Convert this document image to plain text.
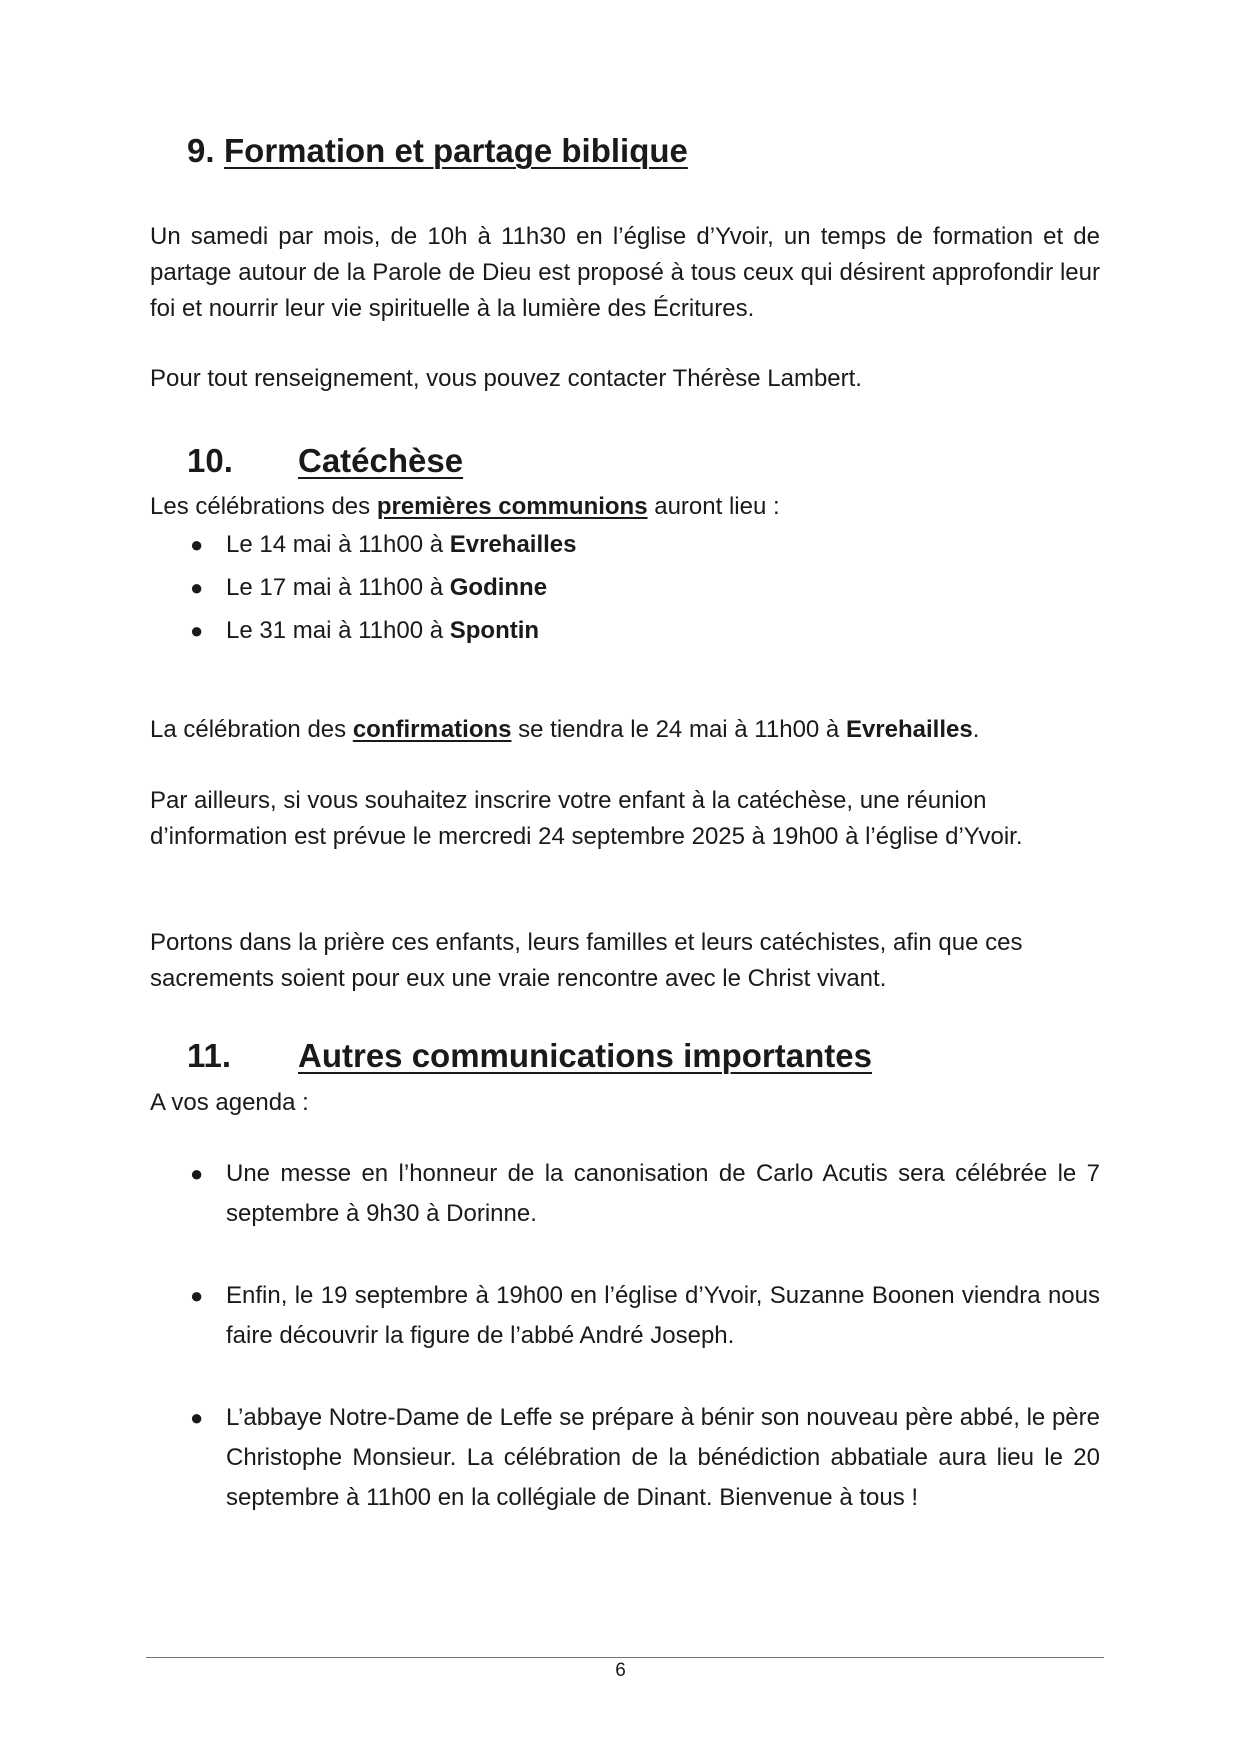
9. Formation et partage biblique

Un samedi par mois, de 10h à 11h30 en l’église d’Yvoir, un temps de formation et de partage autour de la Parole de Dieu est proposé à tous ceux qui désirent approfondir leur foi et nourrir leur vie spirituelle à la lumière des Écritures.

Pour tout renseignement, vous pouvez contacter Thérèse Lambert.

10. Catéchèse

Les célébrations des premières communions auront lieu :

● Le 14 mai à 11h00 à Evrehailles
● Le 17 mai à 11h00 à Godinne
● Le 31 mai à 11h00 à Spontin

La célébration des confirmations se tiendra le 24 mai à 11h00 à Evrehailles.

Par ailleurs, si vous souhaitez inscrire votre enfant à la catéchèse, une réunion d’information est prévue le mercredi 24 septembre 2025 à 19h00 à l’église d’Yvoir.

Portons dans la prière ces enfants, leurs familles et leurs catéchistes, afin que ces sacrements soient pour eux une vraie rencontre avec le Christ vivant.

11. Autres communications importantes

A vos agenda :

● Une messe en l’honneur de la canonisation de Carlo Acutis sera célébrée le 7 septembre à 9h30 à Dorinne.
● Enfin, le 19 septembre à 19h00 en l’église d’Yvoir, Suzanne Boonen viendra nous faire découvrir la figure de l’abbé André Joseph.
● L’abbaye Notre-Dame de Leffe se prépare à bénir son nouveau père abbé, le père Christophe Monsieur. La célébration de la bénédiction abbatiale aura lieu le 20 septembre à 11h00 en la collégiale de Dinant. Bienvenue à tous !
6
